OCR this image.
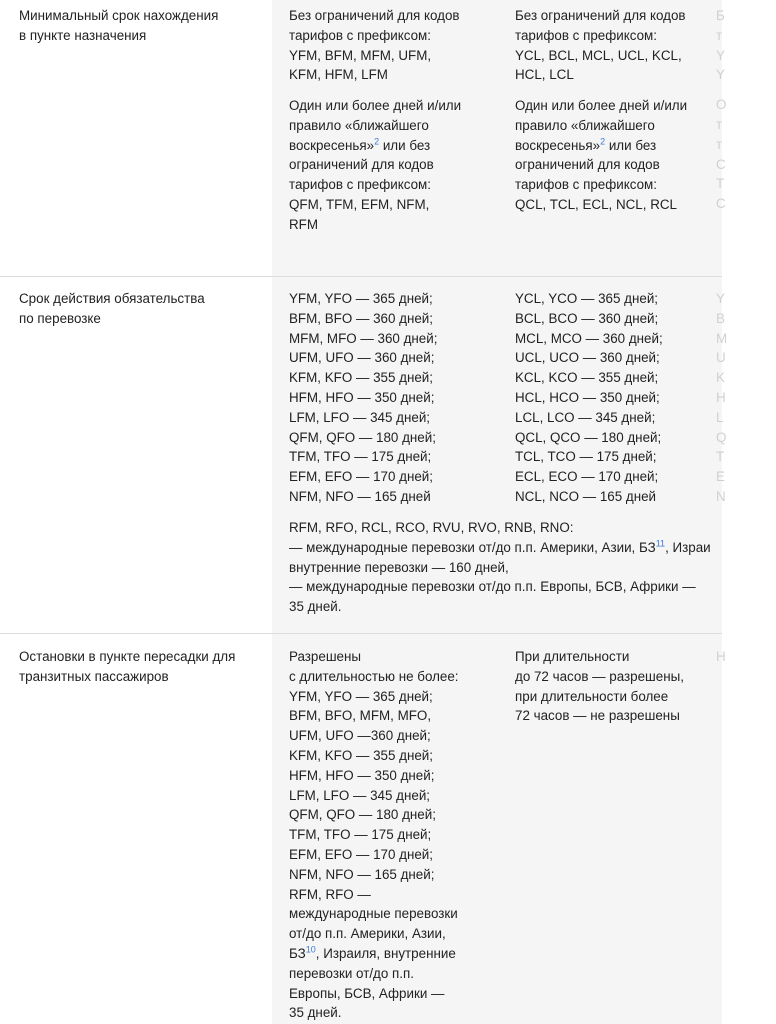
Минимальный срок нахождения
в пункте назначения
Без ограничений для кодов
тарифов с префиксом:
YFM, BFM, MFM, UFM,
KFM, HFM, LFM
Один или более дней и/или
правило «ближайшего
воскресенья»$^2$ или без
ограничений для кодов
тарифов с префиксом:
QFM, TFM, EFM, NFM,
RFM
Без ограничений для кодов
тарифов с префиксом:
YCL, BCL, MCL, UCL, KCL,
HCL, LCL
Один или более дней и/или
правило «ближайшего
воскресенья»$^2$ или без
ограничений для кодов
тарифов с префиксом:
QCL, TCL, ECL, NCL, RCL
Б
т
Y
Y
О
т
т
С
Т
С
Срок действия обязательства
по перевозке
YFM, YFO — 365 дней;
BFM, BFO — 360 дней;
MFM, MFO — 360 дней;
UFM, UFO — 360 дней;
KFM, KFO — 355 дней;
HFM, HFO — 350 дней;
LFM, LFO — 345 дней;
QFM, QFO — 180 дней;
TFM, TFO — 175 дней;
EFM, EFO — 170 дней;
NFM, NFO — 165 дней
YCL, YCO — 365 дней;
BCL, BCO — 360 дней;
MCL, MCO — 360 дней;
UCL, UCO — 360 дней;
KCL, KCO — 355 дней;
HCL, HCO — 350 дней;
LCL, LCO — 345 дней;
QCL, QCO — 180 дней;
TCL, TCO — 175 дней;
ECL, ECO — 170 дней;
NCL, NCO — 165 дней
Y
B
M
U
K
H
L
Q
T
E
N
RFM, RFO, RCL, RCO, RVU, RVO, RNB, RNO:
— международные перевозки от/до п.п. Америки, Азии, БЗ$^{11}$, Израи
внутренние перевозки — 160 дней,
— международные перевозки от/до п.п. Европы, БСВ, Африки —
35 дней.
Остановки в пункте пересадки для
транзитных пассажиров
Разрешены
с длительностью не более:
YFM, YFO — 365 дней;
BFM, BFO, MFM, MFO,
UFM, UFO —360 дней;
KFM, KFO — 355 дней;
HFM, HFO — 350 дней;
LFM, LFO — 345 дней;
QFM, QFO — 180 дней;
TFM, TFO — 175 дней;
EFM, EFO — 170 дней;
NFM, NFO — 165 дней;
RFM, RFO —
международные перевозки
от/до п.п. Америки, Азии,
БЗ$^{10}$, Израиля, внутренние
перевозки от/до п.п.
Европы, БСВ, Африки —
35 дней.
При длительности
до 72 часов — разрешены,
при длительности более
72 часов — не разрешены
Н
